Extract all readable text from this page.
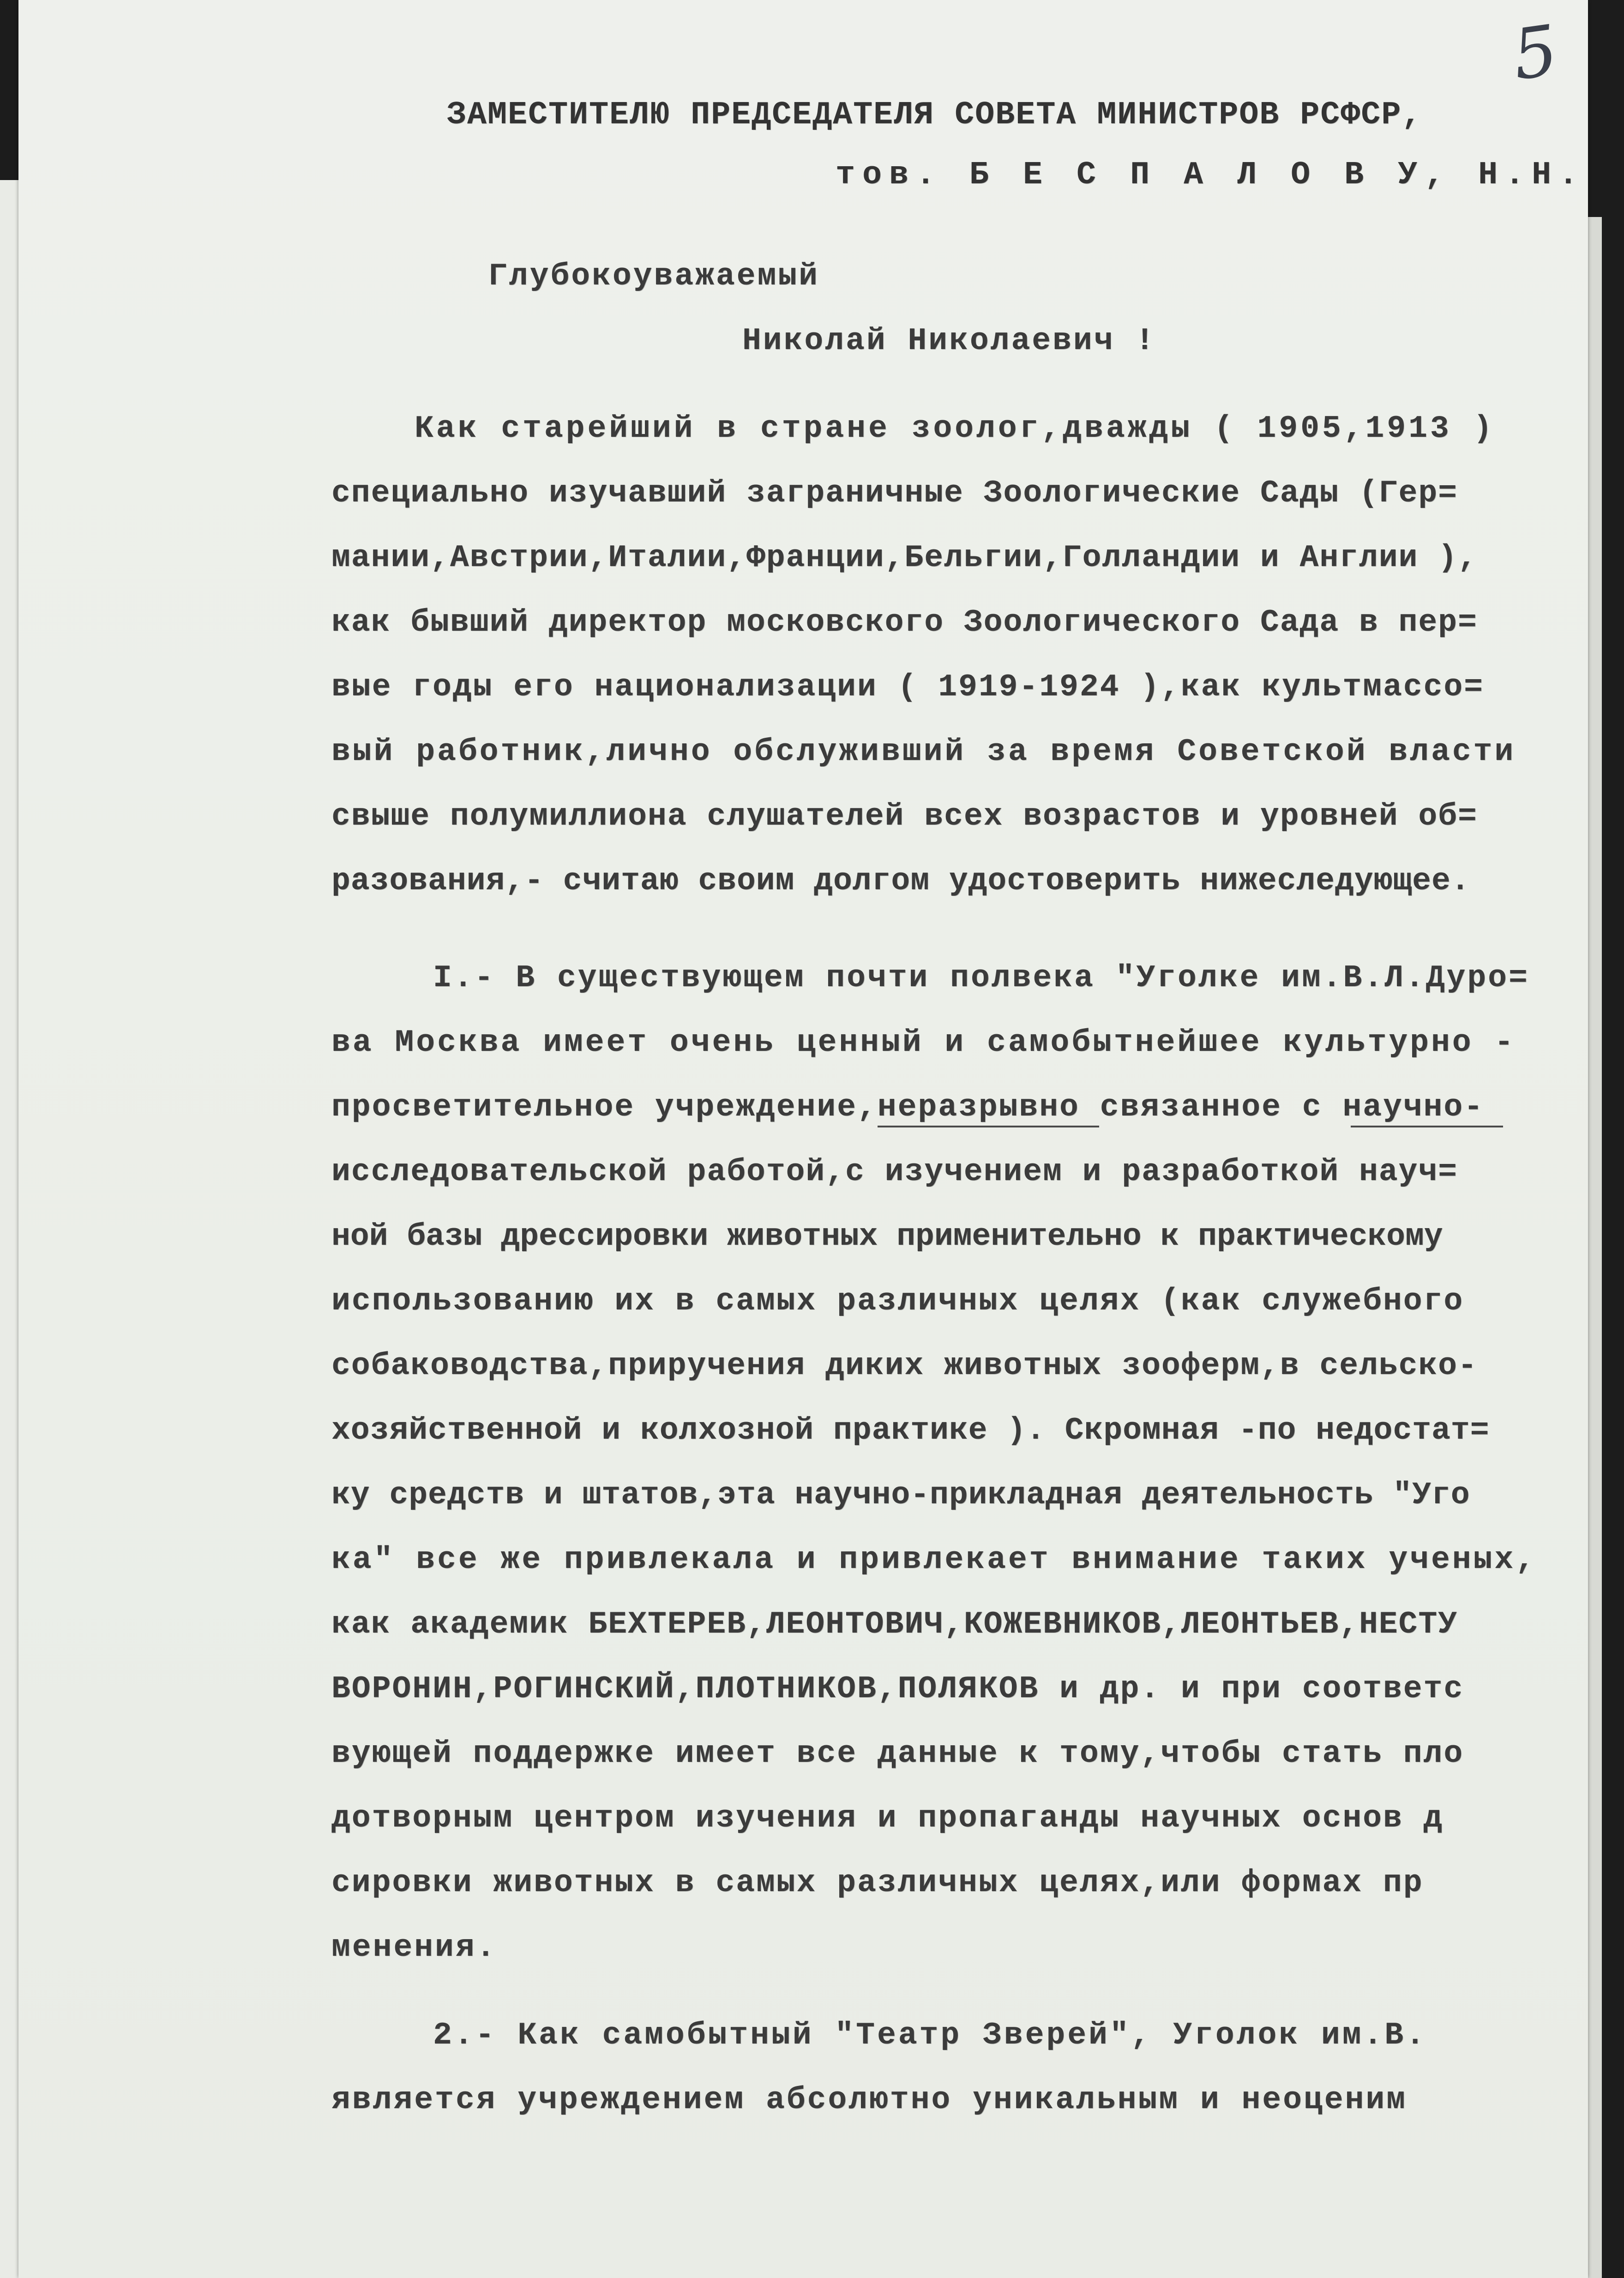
5
ЗАМЕСТИТЕЛЮ ПРЕДСЕДАТЕЛЯ СОВЕТА МИНИСТРОВ РСФСР,
тов. Б Е С П А Л О В У, Н.Н.
Глубокоуважаемый
Николай Николаевич !
Как старейший в стране зоолог,дважды ( 1905,1913 )
специально изучавший заграничные Зоологические Сады (Гер=
мании,Австрии,Италии,Франции,Бельгии,Голландии и Англии ),
как бывший директор московского Зоологического Сада в пер=
вые годы его национализации ( 1919-1924 ),как культмассо=
вый работник,лично обслуживший за время Советской власти
свыше полумиллиона слушателей всех возрастов и уровней об=
разования,- считаю своим долгом удостоверить нижеследующее.
I.- В существующем почти полвека "Уголке им.В.Л.Дуро=
ва Москва имеет очень ценный и самобытнейшее культурно -
просветительное учреждение,неразрывно связанное с научно-
исследовательской работой,с изучением и разработкой науч=
ной базы дрессировки животных применительно к практическому
использованию их в самых различных целях (как служебного
собаководства,приручения диких животных зооферм,в сельско-
хозяйственной и колхозной практике ). Скромная -по недостат=
ку средств и штатов,эта научно-прикладная деятельность "Уго
ка" все же привлекала и привлекает внимание таких ученых,
как академик БЕХТЕРЕВ,ЛЕОНТОВИЧ,КОЖЕВНИКОВ,ЛЕОНТЬЕВ,НЕСТУ
ВОРОНИН,РОГИНСКИЙ,ПЛОТНИКОВ,ПОЛЯКОВ и др. и при соответс
вующей поддержке имеет все данные к тому,чтобы стать пло
дотворным центром изучения и пропаганды научных основ д
сировки животных в самых различных целях,или формах пр
менения.
2.- Как самобытный "Театр Зверей", Уголок им.В.
является учреждением абсолютно уникальным и неоценим
